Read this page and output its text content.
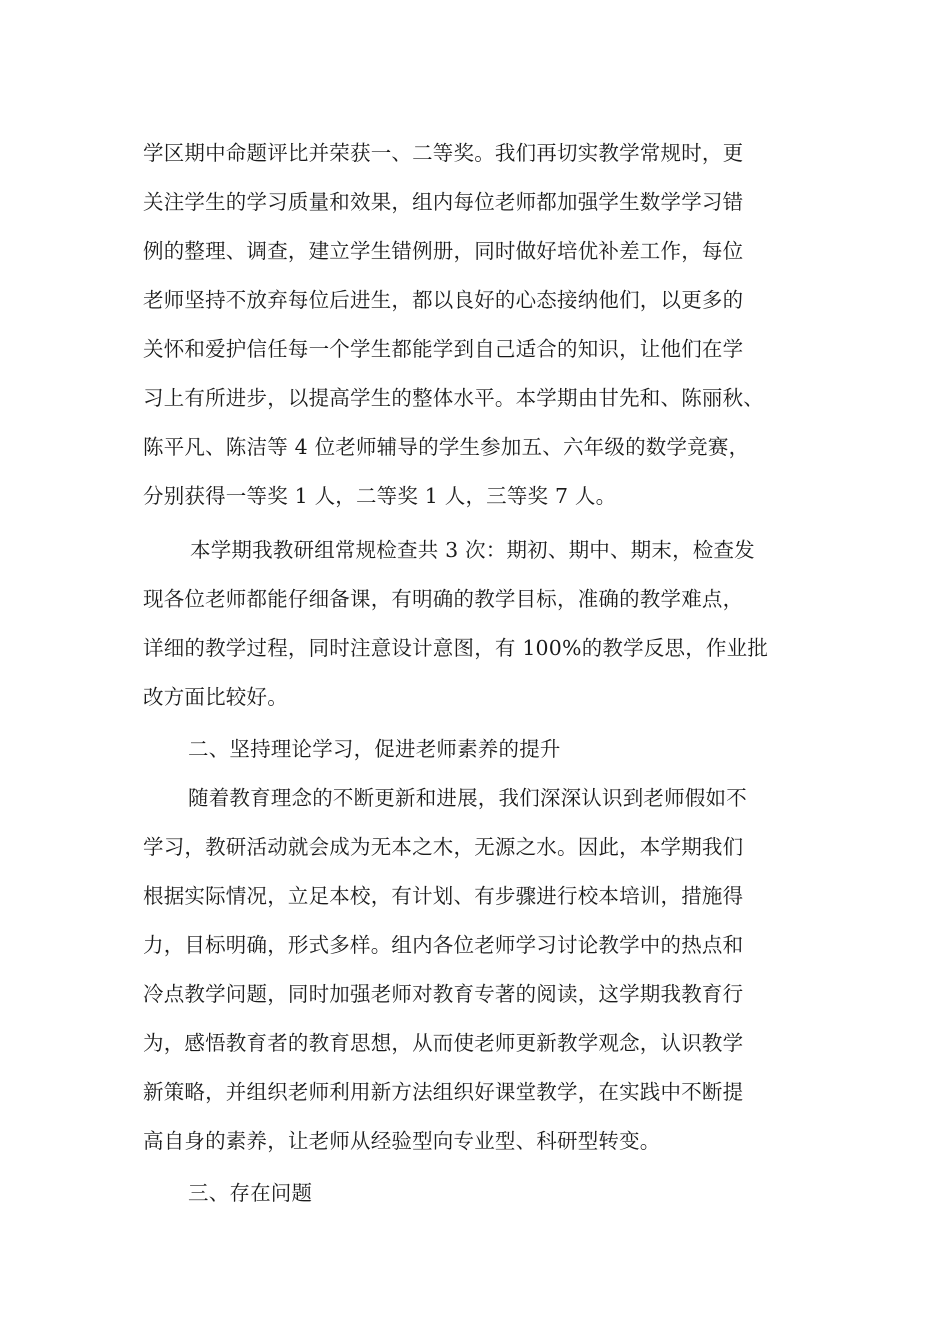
学区期中命题评比并荣获一、二等奖。我们再切实教学常规时，更
关注学生的学习质量和效果，组内每位老师都加强学生数学学习错
例的整理、调查，建立学生错例册，同时做好培优补差工作，每位
老师坚持不放弃每位后进生，都以良好的心态接纳他们，以更多的
关怀和爱护信任每一个学生都能学到自己适合的知识，让他们在学
习上有所进步，以提高学生的整体水平。本学期由甘先和、陈丽秋、
陈平凡、陈洁等 4 位老师辅导的学生参加五、六年级的数学竞赛，
分别获得一等奖 1 人，二等奖 1 人，三等奖 7 人。
本学期我教研组常规检查共 3 次：期初、期中、期末，检查发
现各位老师都能仔细备课，有明确的教学目标，准确的教学难点，
详细的教学过程，同时注意设计意图，有 100%的教学反思，作业批
改方面比较好。
二、坚持理论学习，促进老师素养的提升
随着教育理念的不断更新和进展，我们深深认识到老师假如不
学习，教研活动就会成为无本之木，无源之水。因此，本学期我们
根据实际情况，立足本校，有计划、有步骤进行校本培训，措施得
力，目标明确，形式多样。组内各位老师学习讨论教学中的热点和
冷点教学问题，同时加强老师对教育专著的阅读，这学期我教育行
为，感悟教育者的教育思想，从而使老师更新教学观念，认识教学
新策略，并组织老师利用新方法组织好课堂教学，在实践中不断提
高自身的素养，让老师从经验型向专业型、科研型转变。
三、存在问题
